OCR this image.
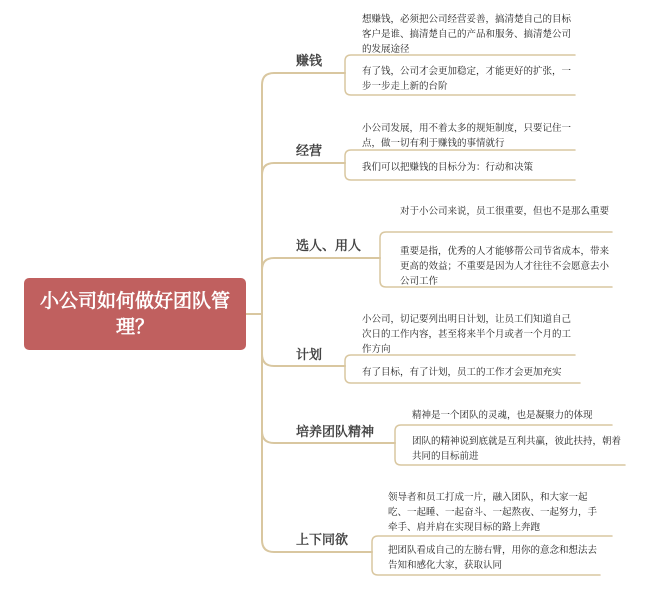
小公司如何做好团队管理？
赚钱
想赚钱，必须把公司经营妥善，搞清楚自己的目标客户是谁、搞清楚自己的产品和服务、搞清楚公司的发展途径
有了钱，公司才会更加稳定，才能更好的扩张，一步一步走上新的台阶
经营
小公司发展，用不着太多的规矩制度，只要记住一点，做一切有利于赚钱的事情就行
我们可以把赚钱的目标分为：行动和决策
选人、用人
对于小公司来说，员工很重要，但也不是那么重要
重要是指，优秀的人才能够帮公司节省成本，带来更高的效益；不重要是因为人才往往不会愿意去小公司工作
计划
小公司，切记要列出明日计划，让员工们知道自己次日的工作内容，甚至将来半个月或者一个月的工作方向
有了目标，有了计划，员工的工作才会更加充实
培养团队精神
精神是一个团队的灵魂，也是凝聚力的体现
团队的精神说到底就是互利共赢，彼此扶持，朝着共同的目标前进
上下同欲
领导者和员工打成一片，融入团队，和大家一起吃、一起睡、一起奋斗、一起熬夜、一起努力，手牵手、肩并肩在实现目标的路上奔跑
把团队看成自己的左膀右臂，用你的意念和想法去告知和感化大家，获取认同
